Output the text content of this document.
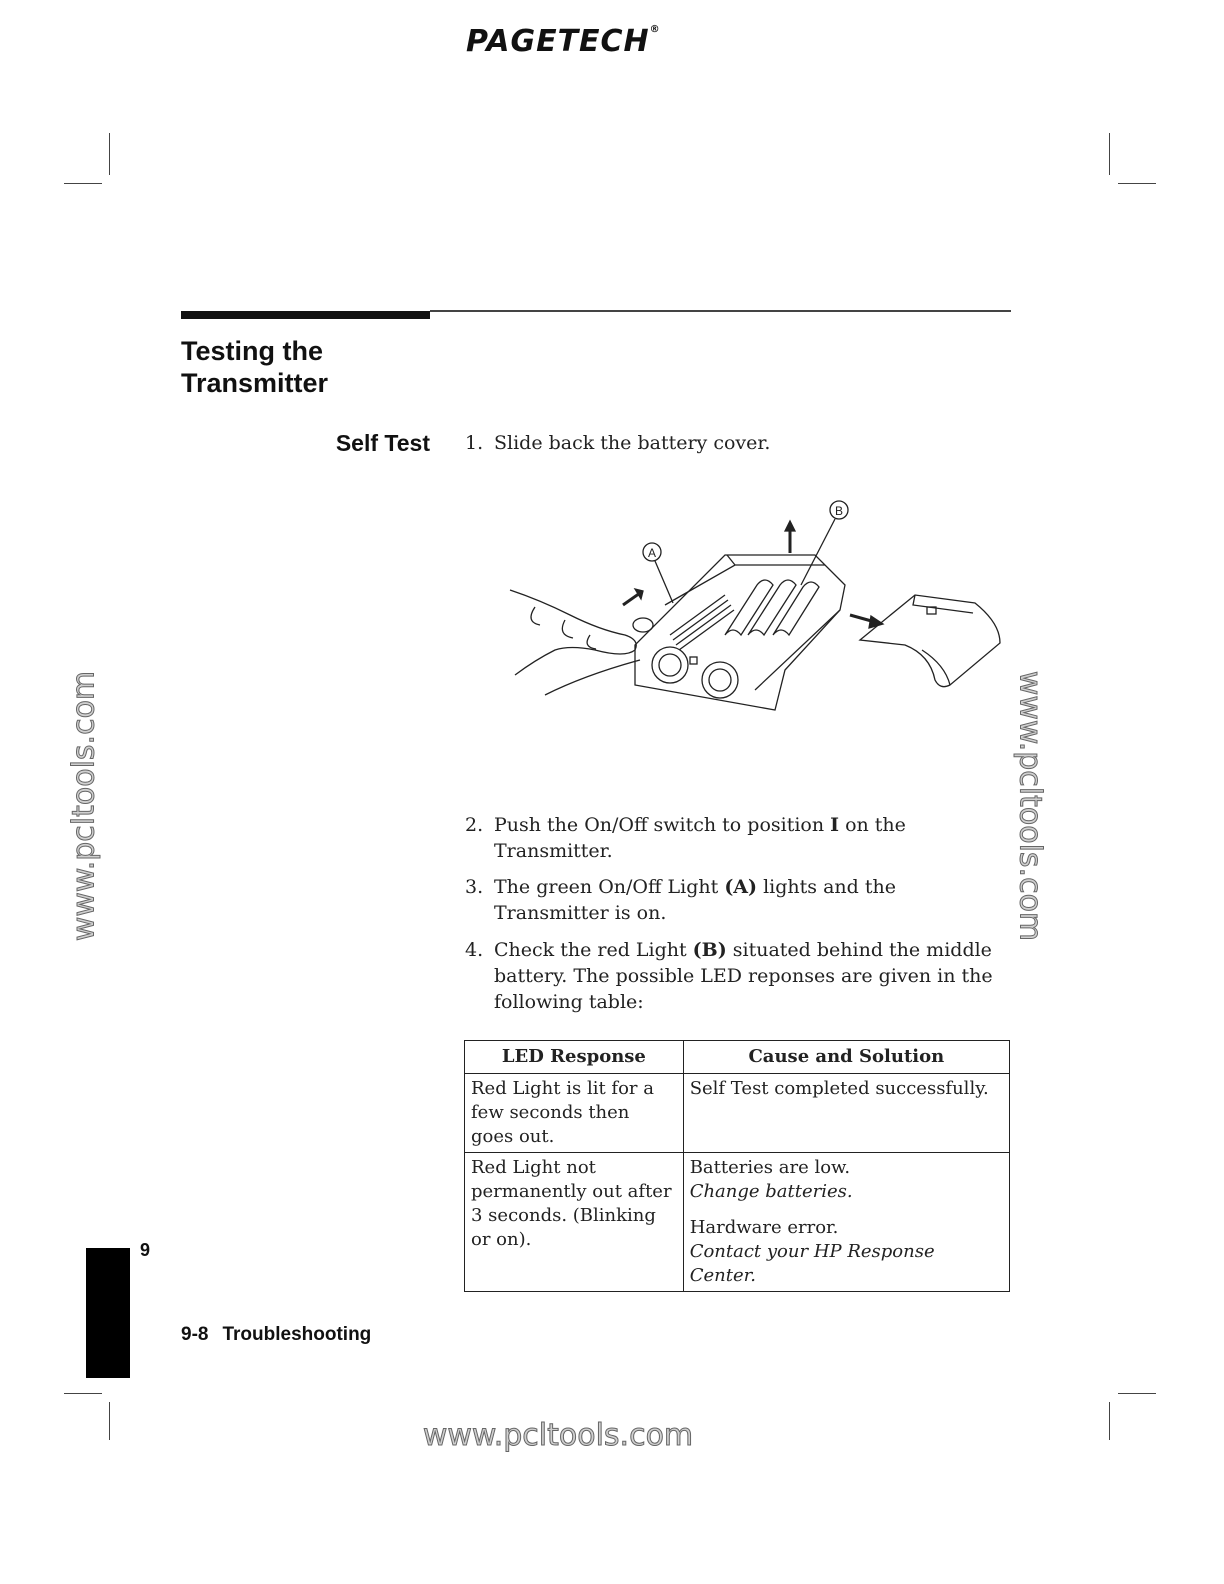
PAGETECH®
Testing the
Transmitter
Self Test 1. Slide back the battery cover.
A
B
2. Push the On/Off switch to position I on the Transmitter.
3. The green On/Off Light (A) lights and the Transmitter is on.
4. Check the red Light (B) situated behind the middle battery. The possible LED reponses are given in the following table:
LED Response	Cause and Solution
Red Light is lit for a few seconds then goes out.	Self Test completed successfully.
Red Light not permanently out after 3 seconds. (Blinking or on).	Batteries are low.
Change batteries.
Hardware error.
Contact your HP Response Center.
www.pcltools.com	www.pcltools.com
www.pcltools.com
9
9-8 Troubleshooting
